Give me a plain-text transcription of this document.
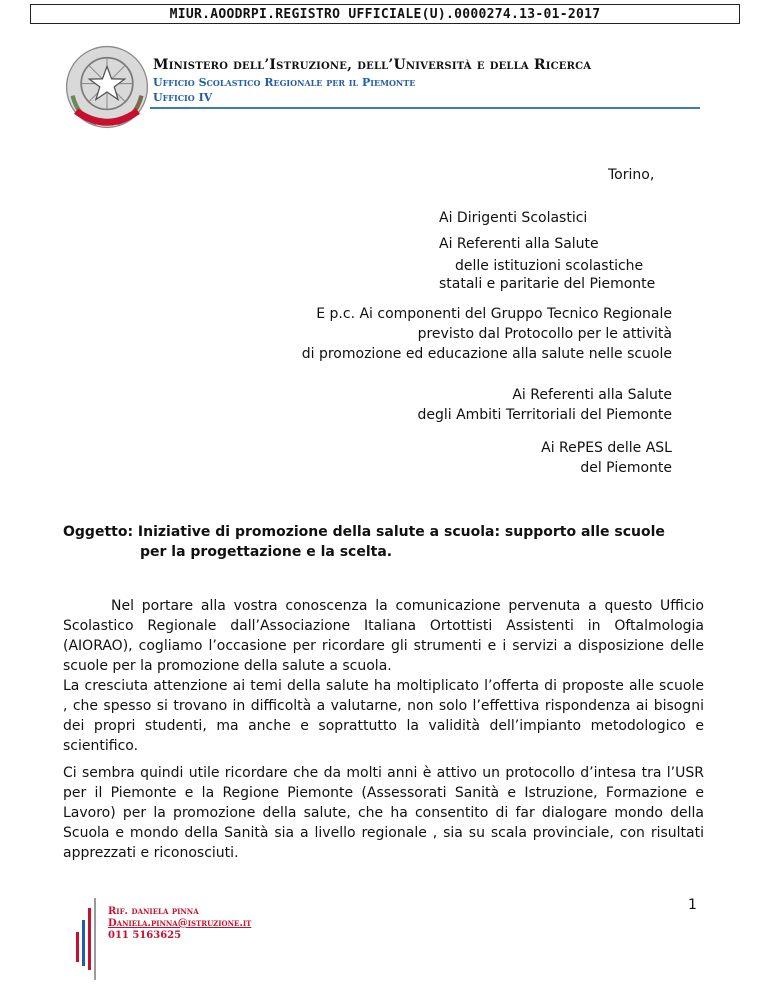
MIUR.AOODRPI.REGISTRO UFFICIALE(U).0000274.13-01-2017
Ministero dell’Istruzione, dell’Università e della Ricerca
Ufficio Scolastico Regionale per il Piemonte
Ufficio IV
Torino,
Ai Dirigenti Scolastici
Ai Referenti alla Salute
delle istituzioni scolastiche
statali e paritarie del Piemonte
E p.c. Ai componenti del Gruppo Tecnico Regionale
previsto dal Protocollo per le attività
di promozione ed educazione alla salute nelle scuole
Ai Referenti alla Salute
degli Ambiti Territoriali del Piemonte
Ai RePES delle ASL
del Piemonte
Oggetto: Iniziative di promozione della salute a scuola: supporto alle scuole
per la progettazione e la scelta.

Nel portare alla vostra conoscenza la comunicazione pervenuta a questo Ufficio Scolastico Regionale dall’Associazione Italiana Ortottisti Assistenti in Oftalmologia (AIORAO), cogliamo l’occasione per ricordare gli strumenti e i servizi a disposizione delle scuole per la promozione della salute a scuola.

La cresciuta attenzione ai temi della salute ha moltiplicato l’offerta di proposte alle scuole , che spesso si trovano in difficoltà a valutarne, non solo l’effettiva rispondenza ai bisogni dei propri studenti, ma anche e soprattutto la validità dell’impianto metodologico e scientifico.

Ci sembra quindi utile ricordare che da molti anni è attivo un protocollo d’intesa tra l’USR per il Piemonte e la Regione Piemonte (Assessorati Sanità e Istruzione, Formazione e Lavoro) per la promozione della salute, che ha consentito di far dialogare mondo della Scuola e mondo della Sanità sia a livello regionale , sia su scala provinciale, con risultati apprezzati e riconosciuti.

Rif. daniela pinna
Daniela.pinna@istruzione.it
011 5163625
1
